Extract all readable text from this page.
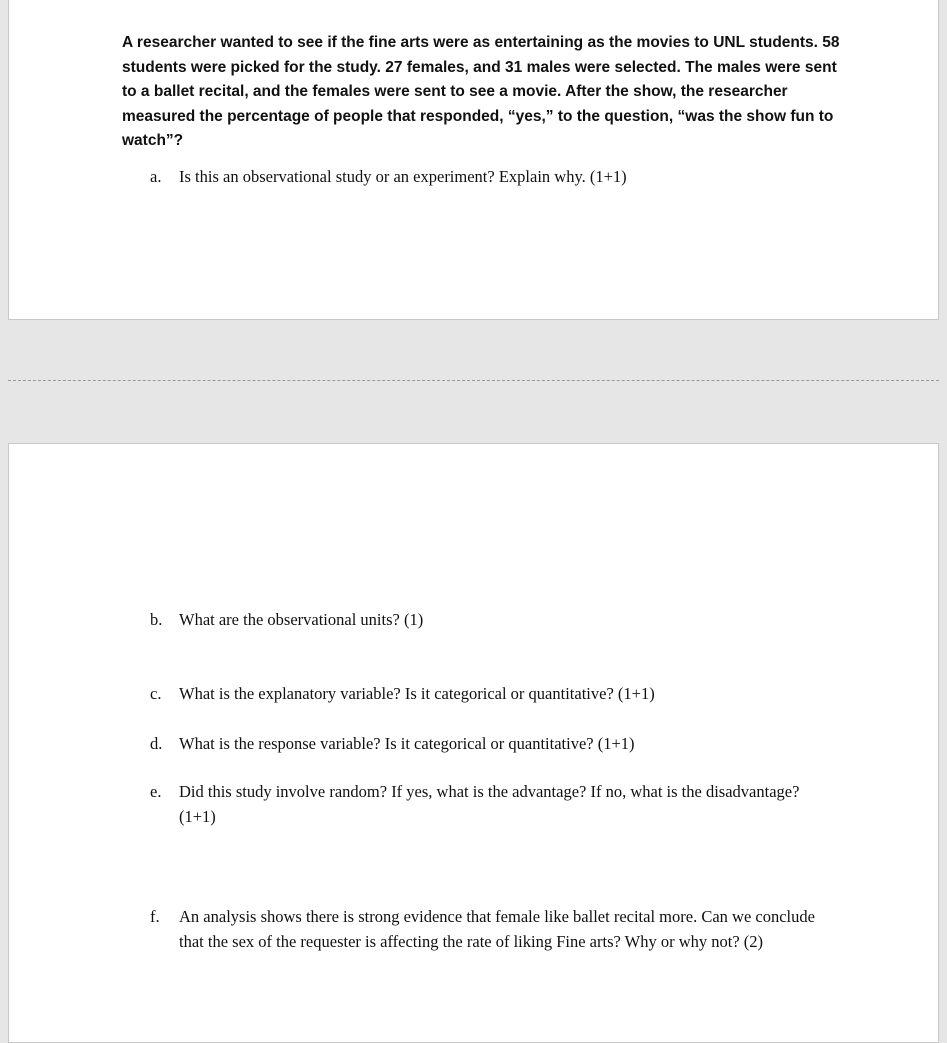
A researcher wanted to see if the fine arts were as entertaining as the movies to UNL students. 58 students were picked for the study. 27 females, and 31 males were selected. The males were sent to a ballet recital, and the females were sent to see a movie. After the show, the researcher measured the percentage of people that responded, “yes,” to the question, “was the show fun to watch”?

a.	Is this an observational study or an experiment? Explain why. (1+1)
b.	What are the observational units? (1)
c.	What is the explanatory variable? Is it categorical or quantitative? (1+1)
d.	What is the response variable? Is it categorical or quantitative? (1+1)
e.	Did this study involve random? If yes, what is the advantage? If no, what is the disadvantage? (1+1)
f.	An analysis shows there is strong evidence that female like ballet recital more. Can we conclude that the sex of the requester is affecting the rate of liking Fine arts? Why or why not? (2)
